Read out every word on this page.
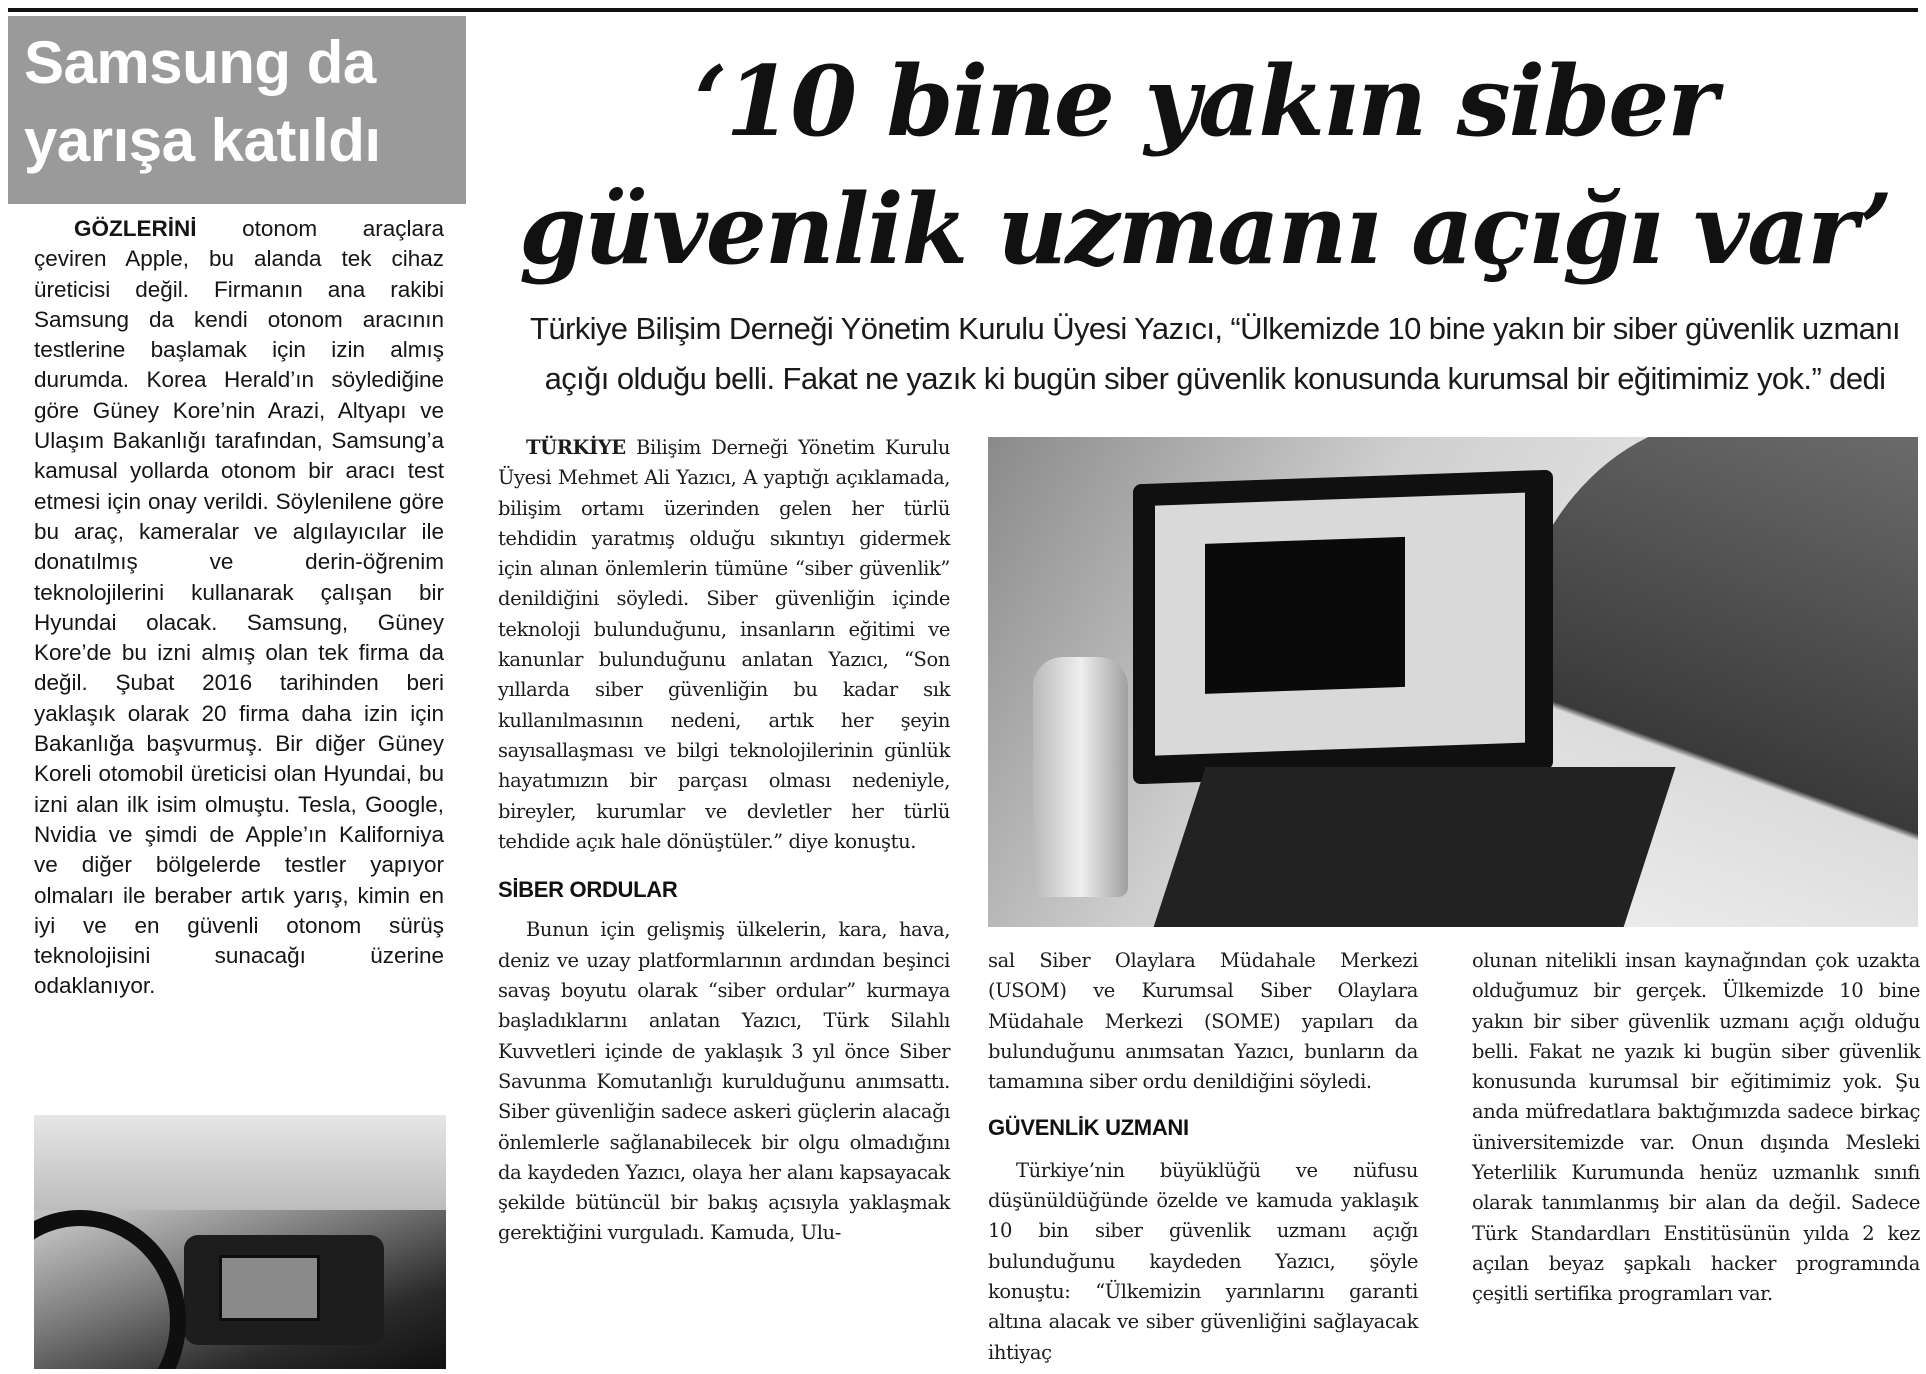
Samsung da
yarışa katıldı
GÖZLERİNİ otonom araçlara çeviren Apple, bu alanda tek cihaz üreticisi değil. Firmanın ana rakibi Samsung da kendi otonom aracının testlerine başlamak için izin almış durumda. Korea Herald’ın söylediğine göre Güney Kore’nin Arazi, Altyapı ve Ulaşım Bakanlığı tarafından, Samsung’a kamusal yollarda otonom bir aracı test etmesi için onay verildi. Söylenilene göre bu araç, kameralar ve algılayıcılar ile donatılmış ve derin-öğrenim teknolojilerini kullanarak çalışan bir Hyundai olacak. Samsung, Güney Kore’de bu izni almış olan tek firma da değil. Şubat 2016 tarihinden beri yaklaşık olarak 20 firma daha izin için Bakanlığa başvurmuş. Bir diğer Güney Koreli otomobil üreticisi olan Hyundai, bu izni alan ilk isim olmuştu. Tesla, Google, Nvidia ve şimdi de Apple’ın Kaliforniya ve diğer bölgelerde testler yapıyor olmaları ile beraber artık yarış, kimin en iyi ve en güvenli otonom sürüş teknolojisini sunacağı üzerine odaklanıyor.
‘10 bine yakın siber
güvenlik uzmanı açığı var’
Türkiye Bilişim Derneği Yönetim Kurulu Üyesi Yazıcı, “Ülkemizde 10 bine yakın bir siber güvenlik uzmanı
açığı olduğu belli. Fakat ne yazık ki bugün siber güvenlik konusunda kurumsal bir eğitimimiz yok.” dedi

TÜRKİYE Bilişim Derneği Yönetim Kurulu Üyesi Mehmet Ali Yazıcı, A yaptığı açıklamada, bilişim ortamı üzerinden gelen her türlü tehdidin yaratmış olduğu sıkıntıyı gidermek için alınan önlemlerin tümüne “siber güvenlik” denildiğini söyledi. Siber güvenliğin içinde teknoloji bulunduğunu, insanların eğitimi ve kanunlar bulunduğunu anlatan Yazıcı, “Son yıllarda siber güvenliğin bu kadar sık kullanılmasının nedeni, artık her şeyin sayısallaşması ve bilgi teknolojilerinin günlük hayatımızın bir parçası olması nedeniyle, bireyler, kurumlar ve devletler her türlü tehdide açık hale dönüştüler.” diye konuştu.

SİBER ORDULAR

Bunun için gelişmiş ülkelerin, kara, hava, deniz ve uzay platformlarının ardından beşinci savaş boyutu olarak “siber ordular” kurmaya başladıklarını anlatan Yazıcı, Türk Silahlı Kuvvetleri içinde de yaklaşık 3 yıl önce Siber Savunma Komutanlığı kurulduğunu anımsattı. Siber güvenliğin sadece askeri güçlerin alacağı önlemlerle sağlanabilecek bir olgu olmadığını da kaydeden Yazıcı, olaya her alanı kapsayacak şekilde bütüncül bir bakış açısıyla yaklaşmak gerektiğini vurguladı. Kamuda, Ulu-

sal Siber Olaylara Müdahale Merkezi (USOM) ve Kurumsal Siber Olaylara Müdahale Merkezi (SOME) yapıları da bulunduğunu anımsatan Yazıcı, bunların da tamamına siber ordu denildiğini söyledi.

GÜVENLİK UZMANI

Türkiye’nin büyüklüğü ve nüfusu düşünüldüğünde özelde ve kamuda yaklaşık 10 bin siber güvenlik uzmanı açığı bulunduğunu kaydeden Yazıcı, şöyle konuştu: “Ülkemizin yarınlarını garanti altına alacak ve siber güvenliğini sağlayacak ihtiyaç

olunan nitelikli insan kaynağından çok uzakta olduğumuz bir gerçek. Ülkemizde 10 bine yakın bir siber güvenlik uzmanı açığı olduğu belli. Fakat ne yazık ki bugün siber güvenlik konusunda kurumsal bir eğitimimiz yok. Şu anda müfredatlara baktığımızda sadece birkaç üniversitemizde var. Onun dışında Mesleki Yeterlilik Kurumunda henüz uzmanlık sınıfı olarak tanımlanmış bir alan da değil. Sadece Türk Standardları Enstitüsünün yılda 2 kez açılan beyaz şapkalı hacker programında çeşitli sertifika programları var.
